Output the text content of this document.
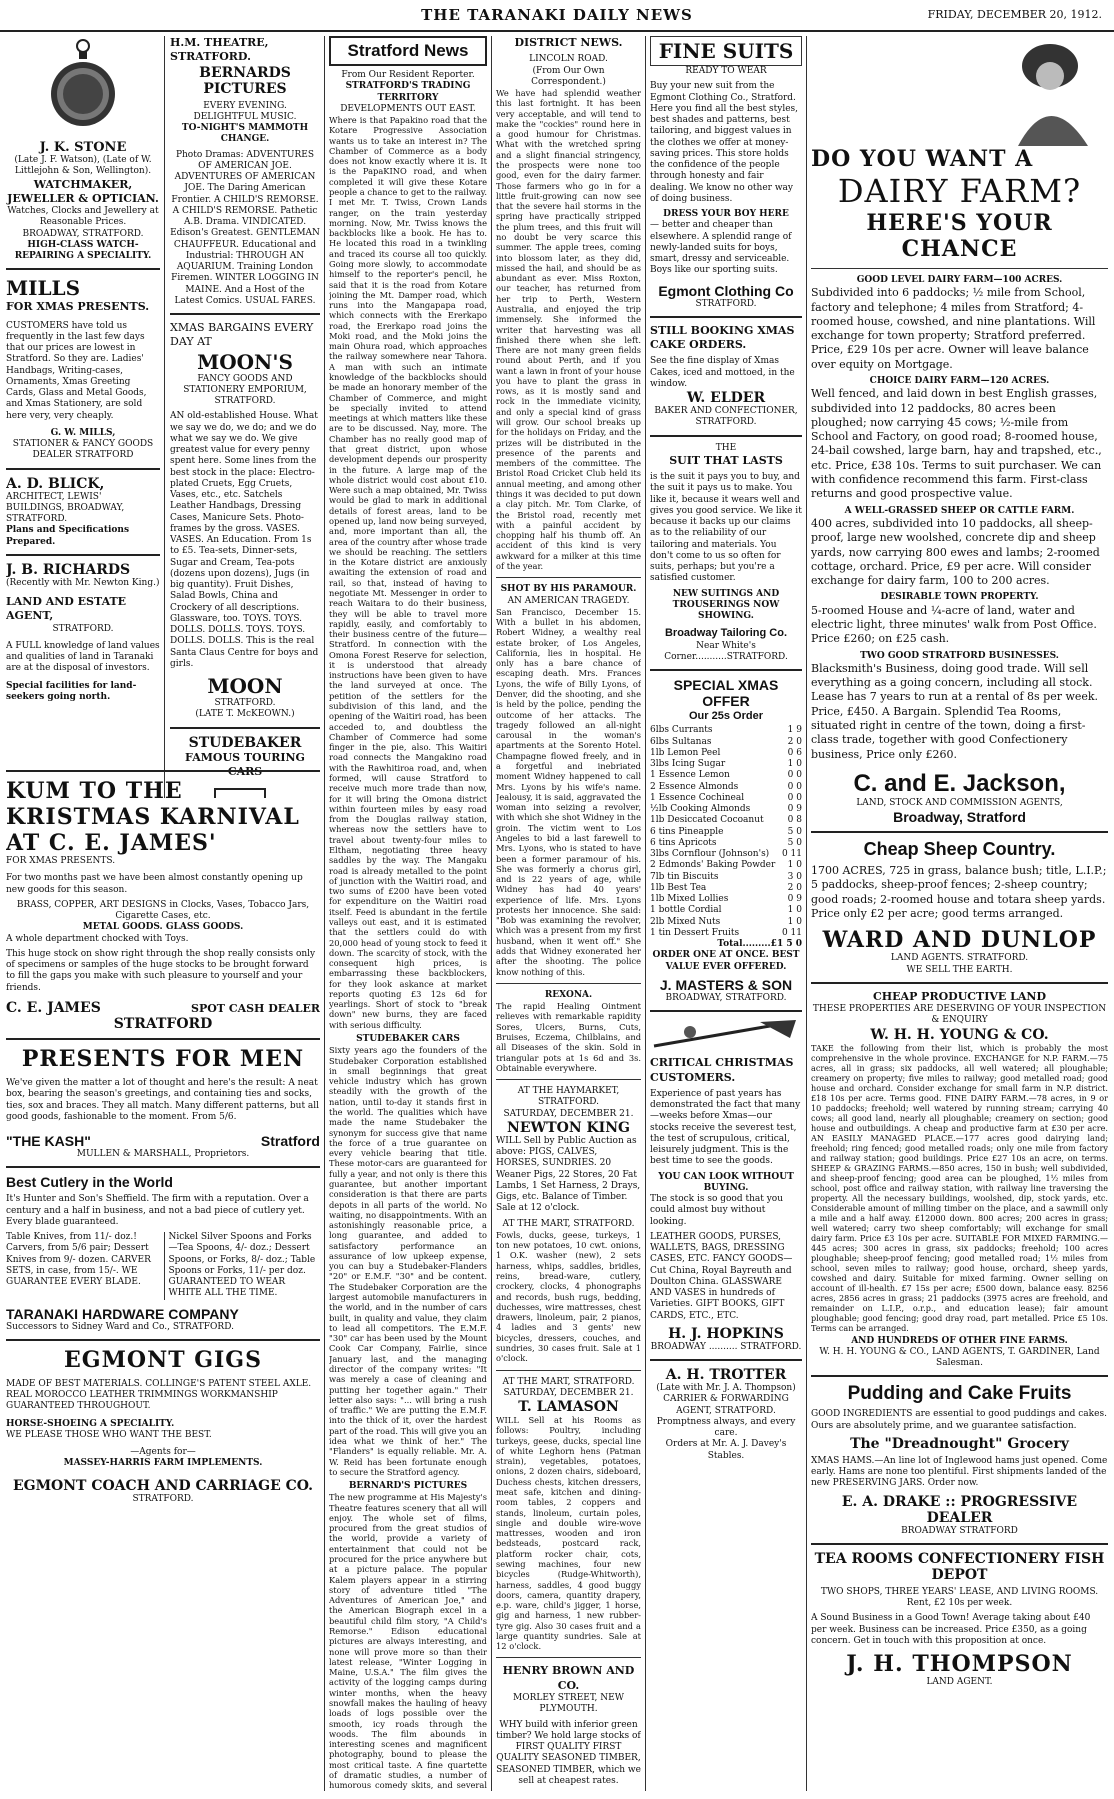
THE TARANAKI DAILY NEWS	FRIDAY, DECEMBER 20, 1912.
J. K. STONE
(Late J. F. Watson), (Late of W. Littlejohn & Son, Wellington).
WATCHMAKER, JEWELLER & OPTICIAN.
Watches, Clocks and Jewellery at Reasonable Prices.
BROADWAY, STRATFORD.
HIGH-CLASS WATCH-REPAIRING A SPECIALITY.
MILLS
FOR XMAS PRESENTS.
CUSTOMERS have told us frequently in the last few days that our prices are lowest in Stratford. So they are. Ladies' Handbags, Writing-cases, Ornaments, Xmas Greeting Cards, Glass and Metal Goods, and Xmas Stationery, are sold here very, very cheaply.
G. W. MILLS,
STATIONER & FANCY GOODS DEALER STRATFORD
A. D. BLICK,
ARCHITECT, LEWIS' BUILDINGS, BROADWAY, STRATFORD.
Plans and Specifications Prepared.
J. B. RICHARDS
(Recently with Mr. Newton King.)
LAND AND ESTATE AGENT,
STRATFORD.
A FULL knowledge of land values and qualities of land in Taranaki are at the disposal of investors.
Special facilities for land-seekers going north.
H.M. THEATRE, STRATFORD.
BERNARDS PICTURES
EVERY EVENING.
DELIGHTFUL MUSIC.
TO-NIGHT'S MAMMOTH CHANGE.
Photo Dramas: ADVENTURES OF AMERICAN JOE. ADVENTURES OF AMERICAN JOE. The Daring American Frontier. A CHILD'S REMORSE. A CHILD'S REMORSE. Pathetic A.B. Drama. VINDICATED. Edison's Greatest. GENTLEMAN CHAUFFEUR. Educational and Industrial: THROUGH AN AQUARIUM. Training London Firemen. WINTER LOGGING IN MAINE. And a Host of the Latest Comics. USUAL FARES.
XMAS BARGAINS EVERY DAY AT
MOON'S
FANCY GOODS AND STATIONERY EMPORIUM, STRATFORD.
AN old-established House. What we say we do, we do; and we do what we say we do. We give greatest value for every penny spent here. Some lines from the best stock in the place: Electro-plated Cruets, Egg Cruets, Vases, etc., etc. Satchels Leather Handbags, Dressing Cases, Manicure Sets. Photo-frames by the gross. VASES. VASES. An Education. From 1s to £5. Tea-sets, Dinner-sets, Sugar and Cream, Tea-pots (dozens upon dozens), Jugs (in big quantity). Fruit Dishes, Salad Bowls, China and Crockery of all descriptions. Glassware, too. TOYS. TOYS. DOLLS. DOLLS. TOYS. TOYS. DOLLS. DOLLS. This is the real Santa Claus Centre for boys and girls.
MOON
STRATFORD.
(LATE T. McKEOWN.)
STUDEBAKER
FAMOUS TOURING CARS
KUM TO THE
KRISTMAS KARNIVAL
AT C. E. JAMES'
FOR XMAS PRESENTS.
For two months past we have been almost constantly opening up new goods for this season.
BRASS, COPPER, ART DESIGNS in Clocks, Vases, Tobacco Jars, Cigarette Cases, etc.
METAL GOODS. GLASS GOODS.
A whole department chocked with Toys.
This huge stock on show right through the shop really consists only of specimens or samples of the huge stocks to be brought forward to fill the gaps you make with such pleasure to yourself and your friends.
C. E. JAMES	SPOT CASH DEALER
STRATFORD
PRESENTS FOR MEN
We've given the matter a lot of thought and here's the result: A neat box, bearing the season's greetings, and containing ties and socks, ties, sox and braces. They all match. Many different patterns, but all good goods, fashionable to the moment. From 5/6.
"THE KASH"	Stratford
MULLEN & MARSHALL, Proprietors.
Best Cutlery in the World
It's Hunter and Son's Sheffield. The firm with a reputation. Over a century and a half in business, and not a bad piece of cutlery yet. Every blade guaranteed.
Table Knives, from 11/- doz.! Carvers, from 5/6 pair; Dessert Knives from 9/- dozen. CARVER SETS, in case, from 15/-. WE GUARANTEE EVERY BLADE.
Nickel Silver Spoons and Forks—Tea Spoons, 4/- doz.; Dessert Spoons, or Forks, 8/- doz.; Table Spoons or Forks, 11/- per doz. GUARANTEED TO WEAR WHITE ALL THE TIME.
TARANAKI HARDWARE COMPANY
Successors to Sidney Ward and Co., STRATFORD.
EGMONT GIGS
MADE OF BEST MATERIALS. COLLINGE'S PATENT STEEL AXLE. REAL MOROCCO LEATHER TRIMMINGS WORKMANSHIP GUARANTEED THROUGHOUT.
HORSE-SHOEING A SPECIALITY.
WE PLEASE THOSE WHO WANT THE BEST.
—Agents for—
MASSEY-HARRIS FARM IMPLEMENTS.
EGMONT COACH AND CARRIAGE CO.
STRATFORD.
Stratford News
From Our Resident Reporter.
STRATFORD'S TRADING TERRITORY
DEVELOPMENTS OUT EAST.
Where is that Papakino road that the Kotare Progressive Association wants us to take an interest in? The Chamber of Commerce as a body does not know exactly where it is. It is the PapaKINO road, and when completed it will give these Kotare people a chance to get to the railway. I met Mr. T. Twiss, Crown Lands ranger, on the train yesterday morning. Now, Mr. Twiss knows the backblocks like a book. He has to. He located this road in a twinkling and traced its course all too quickly. Going more slowly, to accommodate himself to the reporter's pencil, he said that it is the road from Kotare joining the Mt. Damper road, which runs into the Mangapapa road, which connects with the Ererkapo road, the Ererkapo road joins the Moki road, and the Moki joins the main Ohura road, which approaches the railway somewhere near Tahora. A man with such an intimate knowledge of the backblocks should be made an honorary member of the Chamber of Commerce, and might be specially invited to attend meetings at which matters like these are to be discussed. Nay, more. The Chamber has no really good map of that great district, upon whose development depends our prosperity in the future. A large map of the whole district would cost about £10. Were such a map obtained, Mr. Twiss would be glad to mark in additional details of forest areas, land to be opened up, land now being surveyed, and, more important than all, the area of the country after whose trade we should be reaching. The settlers in the Kotare district are anxiously awaiting the extension of road and rail, so that, instead of having to negotiate Mt. Messenger in order to reach Waitara to do their business, they will be able to travel more rapidly, easily, and comfortably to their business centre of the future—Stratford. In connection with the Omona Forest Reserve for selection, it is understood that already instructions have been given to have the land surveyed at once. The petition of the settlers for the subdivision of this land, and the opening of the Waitiri road, has been acceded to, and doubtless the Chamber of Commerce had some finger in the pie, also. This Waitiri road connects the Mangakino road with the Rawhitiroa road, and, when formed, will cause Stratford to receive much more trade than now, for it will bring the Omona district within fourteen miles by easy road from the Douglas railway station, whereas now the settlers have to travel about twenty-four miles to Eltham, negotiating three heavy saddles by the way. The Mangaku road is already metalled to the point of junction with the Waitiri road, and two sums of £200 have been voted for expenditure on the Waitiri road itself. Feed is abundant in the fertile valleys out east, and it is estimated that the settlers could do with 20,000 head of young stock to feed it down. The scarcity of stock, with the consequent high prices, is embarrassing these backblockers, for they look askance at market reports quoting £3 12s 6d for yearlings. Short of stock to "break down" new burns, they are faced with serious difficulty.
STUDEBAKER CARS
Sixty years ago the founders of the Studebaker Corporation established in small beginnings that great vehicle industry which has grown steadily with the growth of the nation, until to-day it stands first in the world. The qualities which have made the name Studebaker the synonym for success give that name the force of a true guarantee on every vehicle bearing that title. These motor-cars are guaranteed for fully a year, and not only is there this guarantee, but another important consideration is that there are parts depots in all parts of the world. No waiting, no disappointments. With an astonishingly reasonable price, a long guarantee, and added to satisfactory performance an assurance of low upkeep expense, you can buy a Studebaker-Flanders "20" or E.M.F. "30" and be content. The Studebaker Corporation are the largest automobile manufacturers in the world, and in the number of cars built, in quality and value, they claim to lead all competitors. The E.M.F. "30" car has been used by the Mount Cook Car Company, Fairlie, since January last, and the managing director of the company writes: "It was merely a case of cleaning and putting her together again." Their letter also says: "... will bring a rush of traffic." We are putting the E.M.F. into the thick of it, over the hardest part of the road. This will give you an idea what we think of her." The "Flanders" is equally reliable. Mr. A. W. Reid has been fortunate enough to secure the Stratford agency.
BERNARD'S PICTURES
The new programme at His Majesty's Theatre features scenery that all will enjoy. The whole set of films, procured from the great studios of the world, provide a variety of entertainment that could not be procured for the price anywhere but at a picture palace. The popular Kalem players appear in a stirring story of adventure titled "The Adventures of American Joe," and the American Biograph excel in a beautiful child film story, "A Child's Remorse." Edison educational pictures are always interesting, and none will prove more so than their latest release, "Winter Logging in Maine, U.S.A." The film gives the activity of the logging camps during winter months, when the heavy snowfall makes the hauling of heavy loads of logs possible over the smooth, icy roads through the woods. The film abounds in interesting scenes and magnificent photography, bound to please the most critical taste. A fine quartette of dramatic studies, a number of humorous comedy skits, and several
DISTRICT NEWS.
LINCOLN ROAD.
(From Our Own Correspondent.)
We have had splendid weather this last fortnight. It has been very acceptable, and will tend to make the "cockies" round here in a good humour for Christmas. What with the wretched spring and a slight financial stringency, the prospects were none too good, even for the dairy farmer. Those farmers who go in for a little fruit-growing can now see that the severe hail storms in the spring have practically stripped the plum trees, and this fruit will no doubt be very scarce this summer. The apple trees, coming into blossom later, as they did, missed the hail, and should be as abundant as ever. Miss Roxton, our teacher, has returned from her trip to Perth, Western Australia, and enjoyed the trip immensely. She informed the writer that harvesting was all finished there when she left. There are not many green fields round about Perth, and if you want a lawn in front of your house you have to plant the grass in rows, as it is mostly sand and rock in the immediate vicinity, and only a special kind of grass will grow. Our school breaks up for the holidays on Friday, and the prizes will be distributed in the presence of the parents and members of the committee. The Bristol Road Cricket Club held its annual meeting, and among other things it was decided to put down a clay pitch. Mr. Tom Clarke, of the Bristol road, recently met with a painful accident by chopping half his thumb off. An accident of this kind is very awkward for a milker at this time of the year.
SHOT BY HIS PARAMOUR.
AN AMERICAN TRAGEDY.
San Francisco, December 15. With a bullet in his abdomen, Robert Widney, a wealthy real estate broker, of Los Angeles, California, lies in hospital. He only has a bare chance of escaping death. Mrs. Frances Lyons, the wife of Billy Lyons, of Denver, did the shooting, and she is held by the police, pending the outcome of her attacks. The tragedy followed an all-night carousal in the woman's apartments at the Sorento Hotel. Champagne flowed freely, and in a forgetful and inebriated moment Widney happened to call Mrs. Lyons by his wife's name. Jealousy, it is said, aggravated the woman into seizing a revolver, with which she shot Widney in the groin. The victim went to Los Angeles to bid a last farewell to Mrs. Lyons, who is stated to have been a former paramour of his. She was formerly a chorus girl, and is 22 years of age, while Widney has had 40 years' experience of life. Mrs. Lyons protests her innocence. She said: "Bob was examining the revolver, which was a present from my first husband, when it went off." She adds that Widney exonerated her after the shooting. The police know nothing of this.
REXONA.
The rapid Healing Ointment relieves with remarkable rapidity Sores, Ulcers, Burns, Cuts, Bruises, Eczema, Chilblains, and all Diseases of the skin. Sold in triangular pots at 1s 6d and 3s. Obtainable everywhere.
AT THE HAYMARKET, STRATFORD.
SATURDAY, DECEMBER 21.
NEWTON KING
WILL Sell by Public Auction as above: PIGS, CALVES, HORSES, SUNDRIES. 20 Weaner Pigs, 22 Stores, 20 Fat Lambs, 1 Set Harness, 2 Drays, Gigs, etc. Balance of Timber. Sale at 12 o'clock.
AT THE MART, STRATFORD.
Fowls, ducks, geese, turkeys, 1 ton new potatoes, 10 cwt. onions, 1 O.K. washer (new), 2 sets harness, whips, saddles, bridles, reins, bread-ware, cutlery, crockery, clocks, 4 phonographs and records, bush rugs, bedding, duchesses, wire mattresses, chest drawers, linoleum, pair, 2 pianos, 4 ladies and 3 gents' new bicycles, dressers, couches, and sundries, 30 cases fruit. Sale at 1 o'clock.
AT THE MART, STRATFORD.
SATURDAY, DECEMBER 21.
T. LAMASON
WILL Sell at his Rooms as follows: Poultry, including turkeys, geese, ducks, special line of white Leghorn hens (Patman strain), vegetables, potatoes, onions, 2 dozen chairs, sideboard, Duchess chests, kitchen dressers, meat safe, kitchen and dining-room tables, 2 coppers and stands, linoleum, curtain poles, single and double wire-wove mattresses, wooden and iron bedsteads, postcard rack, platform rocker chair, cots, sewing machines, four new bicycles (Rudge-Whitworth), harness, saddles, 4 good buggy doors, camera, quantity drapery, e.p. ware, child's jigger, 1 horse, gig and harness, 1 new rubber-tyre gig. Also 30 cases fruit and a large quantity sundries. Sale at 12 o'clock.
HENRY BROWN AND CO.
MORLEY STREET, NEW PLYMOUTH.
WHY build with inferior green timber? We hold large stocks of FIRST QUALITY FIRST QUALITY SEASONED TIMBER, SEASONED TIMBER, which we sell at cheapest rates.
FINE SUITS
READY TO WEAR
Buy your new suit from the Egmont Clothing Co., Stratford. Here you find all the best styles, best shades and patterns, best tailoring, and biggest values in the clothes we offer at money-saving prices. This store holds the confidence of the people through honesty and fair dealing. We know no other way of doing business.
DRESS YOUR BOY HERE
— better and cheaper than elsewhere. A splendid range of newly-landed suits for boys, smart, dressy and serviceable. Boys like our sporting suits.
Egmont Clothing Co
STRATFORD.
STILL BOOKING XMAS CAKE ORDERS.
See the fine display of Xmas Cakes, iced and mottoed, in the window.
W. ELDER
BAKER AND CONFECTIONER, STRATFORD.
THE
SUIT THAT LASTS
is the suit it pays you to buy, and the suit it pays us to make. You like it, because it wears well and gives you good service. We like it because it backs up our claims as to the reliability of our tailoring and materials. You don't come to us so often for suits, perhaps; but you're a satisfied customer.
NEW SUITINGS AND TROUSERINGS NOW SHOWING.
Broadway Tailoring Co.
Near White's Corner...........STRATFORD.
SPECIAL XMAS OFFER
Our 25s Order
6lbs Currants	1 9
6lbs Sultanas	2 0
1lb Lemon Peel	0 6
3lbs Icing Sugar	1 0
1 Essence Lemon	0 0
2 Essence Almonds	0 0
1 Essence Cochineal	0 0
½lb Cooking Almonds	0 9
1lb Desiccated Cocoanut	0 8
6 tins Pineapple	5 0
6 tins Apricots	5 0
3lbs Cornflour (Johnson's) 0 11
2 Edmonds' Baking Powder 1 0
7lb tin Biscuits	3 0
1lb Best Tea	2 0
1lb Mixed Lollies	0 9
1 bottle Cordial	1 0
2lb Mixed Nuts	1 0
1 tin Dessert Fruits	0 11
Total.........£1 5 0
ORDER ONE AT ONCE. BEST VALUE EVER OFFERED.
J. MASTERS & SON
BROADWAY, STRATFORD.
CRITICAL CHRISTMAS CUSTOMERS.
Experience of past years has demonstrated the fact that many—weeks before Xmas—our stocks receive the severest test, the test of scrupulous, critical, leisurely judgment. This is the best time to see the goods.
YOU CAN LOOK WITHOUT BUYING.
The stock is so good that you could almost buy without looking.
LEATHER GOODS, PURSES, WALLETS, BAGS, DRESSING CASES, ETC. FANCY GOODS—Cut China, Royal Bayreuth and Doulton China. GLASSWARE AND VASES in hundreds of Varieties. GIFT BOOKS, GIFT CARDS, ETC., ETC.
H. J. HOPKINS
BROADWAY .......... STRATFORD.
A. H. TROTTER
(Late with Mr. J. A. Thompson)
CARRIER & FORWARDING AGENT, STRATFORD.
Promptness always, and every care.
Orders at Mr. A. J. Davey's Stables.
DO YOU WANT A
DAIRY FARM?
HERE'S YOUR CHANCE
GOOD LEVEL DAIRY FARM—100 ACRES.
Subdivided into 6 paddocks; ½ mile from School, factory and telephone; 4 miles from Stratford; 4-roomed house, cowshed, and nine plantations. Will exchange for town property; Stratford preferred. Price, £29 10s per acre. Owner will leave balance over equity on Mortgage.
CHOICE DAIRY FARM—120 ACRES.
Well fenced, and laid down in best English grasses, subdivided into 12 paddocks, 80 acres been ploughed; now carrying 45 cows; ½-mile from School and Factory, on good road; 8-roomed house, 24-bail cowshed, large barn, hay and trapshed, etc., etc. Price, £38 10s. Terms to suit purchaser. We can with confidence recommend this farm. First-class returns and good prospective value.
A WELL-GRASSED SHEEP OR CATTLE FARM.
400 acres, subdivided into 10 paddocks, all sheep-proof, large new woolshed, concrete dip and sheep yards, now carrying 800 ewes and lambs; 2-roomed cottage, orchard. Price, £9 per acre. Will consider exchange for dairy farm, 100 to 200 acres.
DESIRABLE TOWN PROPERTY.
5-roomed House and ¼-acre of land, water and electric light, three minutes' walk from Post Office. Price £260; on £25 cash.
TWO GOOD STRATFORD BUSINESSES.
Blacksmith's Business, doing good trade. Will sell everything as a going concern, including all stock. Lease has 7 years to run at a rental of 8s per week. Price, £450. A Bargain. Splendid Tea Rooms, situated right in centre of the town, doing a first-class trade, together with good Confectionery business, Price only £260.
C. and E. Jackson,
LAND, STOCK AND COMMISSION AGENTS,
Broadway, Stratford
Cheap Sheep Country.
1700 ACRES, 725 in grass, balance bush; title, L.I.P.; 5 paddocks, sheep-proof fences; 2-sheep country; good roads; 2-roomed house and totara sheep yards. Price only £2 per acre; good terms arranged.
WARD AND DUNLOP
LAND AGENTS. STRATFORD.
WE SELL THE EARTH.
CHEAP PRODUCTIVE LAND
THESE PROPERTIES ARE DESERVING OF YOUR INSPECTION & ENQUIRY
W. H. H. YOUNG & CO.
TAKE the following from their list, which is probably the most comprehensive in the whole province. EXCHANGE for N.P. FARM.—75 acres, all in grass; six paddocks, all well watered; all ploughable; creamery on property; five miles to railway; good metalled road; good house and orchard. Consider exchange for small farm in N.P. district. £18 10s per acre. Terms good. FINE DAIRY FARM.—78 acres, in 9 or 10 paddocks; freehold; well watered by running stream; carrying 40 cows; all good land, nearly all ploughable; creamery on section; good house and outbuildings. A cheap and productive farm at £30 per acre. AN EASILY MANAGED PLACE.—177 acres good dairying land; freehold; ring fenced; good metalled roads; only one mile from factory and railway station; good buildings. Price £27 10s an acre, on terms. SHEEP & GRAZING FARMS.—850 acres, 150 in bush; well subdivided, and sheep-proof fencing; good area can be ploughed, 1½ miles from school, post office and railway station, with railway line traversing the property. All the necessary buildings, woolshed, dip, stock yards, etc. Considerable amount of milling timber on the place, and a sawmill only a mile and a half away. £12000 down. 800 acres; 200 acres in grass; well watered; carry two sheep comfortably; will exchange for small dairy farm. Price £3 10s per acre. SUITABLE FOR MIXED FARMING.—445 acres; 300 acres in grass, six paddocks; freehold; 100 acres ploughable; sheep-proof fencing; good metalled road; 1½ miles from school, seven miles to railway; good house, orchard, sheep yards, cowshed and dairy. Suitable for mixed farming. Owner selling on account of ill-health. £7 15s per acre; £500 down, balance easy. 8256 acres, 2856 acres in grass; 21 paddocks (3975 acres are freehold, and remainder on L.I.P., o.r.p., and education lease); fair amount ploughable; good fencing; good dray road, part metalled. Price £5 10s. Terms can be arranged.
AND HUNDREDS OF OTHER FINE FARMS.
W. H. H. YOUNG & CO., LAND AGENTS, T. GARDINER, Land Salesman.
Pudding and Cake Fruits
GOOD INGREDIENTS are essential to good puddings and cakes. Ours are absolutely prime, and we guarantee satisfaction.
The "Dreadnought" Grocery
XMAS HAMS.—An line lot of Inglewood hams just opened. Come early. Hams are none too plentiful. First shipments landed of the new PRESERVING JARS. Order now.
E. A. DRAKE :: PROGRESSIVE DEALER
BROADWAY STRATFORD
TEA ROOMS CONFECTIONERY FISH DEPOT
TWO SHOPS, THREE YEARS' LEASE, AND LIVING ROOMS. Rent, £2 10s per week.
A Sound Business in a Good Town! Average taking about £40 per week. Business can be increased. Price £350, as a going concern. Get in touch with this proposition at once.
J. H. THOMPSON
LAND AGENT.
